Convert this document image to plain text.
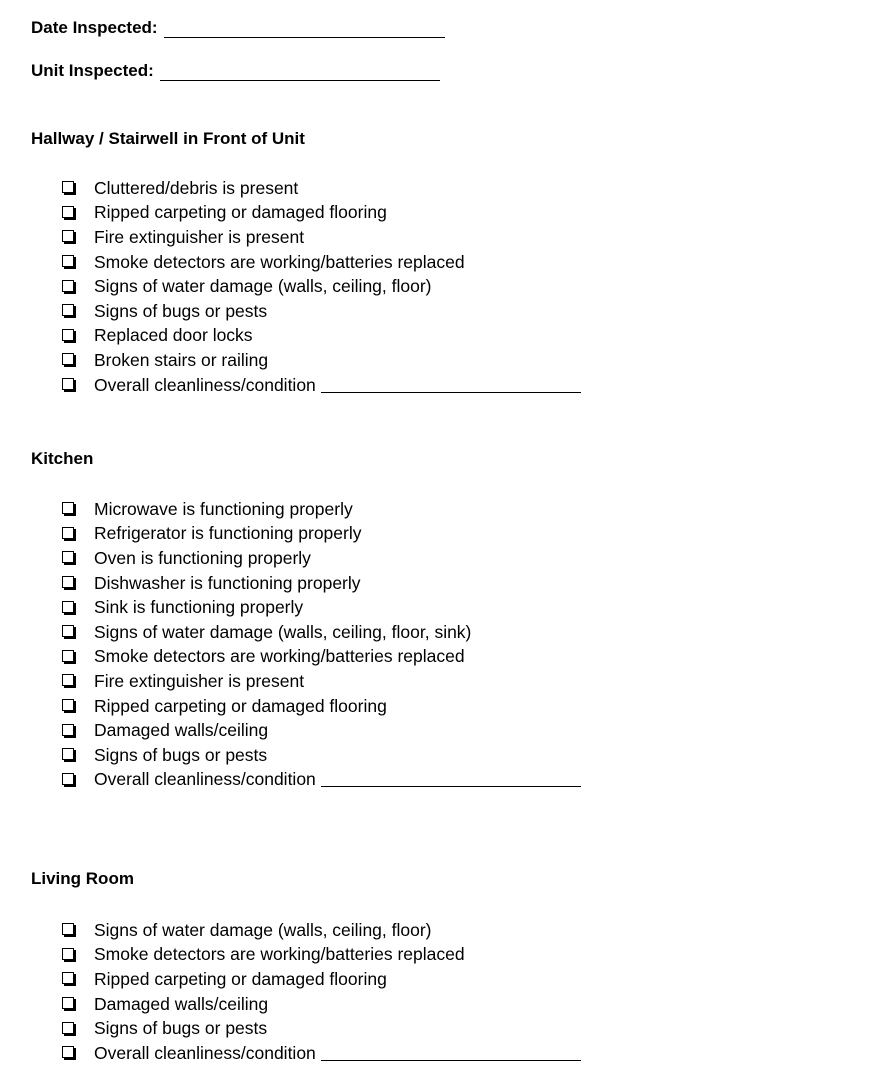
Date Inspected:
Unit Inspected:
Hallway / Stairwell in Front of Unit
Cluttered/debris is present
Ripped carpeting or damaged flooring
Fire extinguisher is present
Smoke detectors are working/batteries replaced
Signs of water damage (walls, ceiling, floor)
Signs of bugs or pests
Replaced door locks
Broken stairs or railing
Overall cleanliness/condition
Kitchen
Microwave is functioning properly
Refrigerator is functioning properly
Oven is functioning properly
Dishwasher is functioning properly
Sink is functioning properly
Signs of water damage (walls, ceiling, floor, sink)
Smoke detectors are working/batteries replaced
Fire extinguisher is present
Ripped carpeting or damaged flooring
Damaged walls/ceiling
Signs of bugs or pests
Overall cleanliness/condition
Living Room
Signs of water damage (walls, ceiling, floor)
Smoke detectors are working/batteries replaced
Ripped carpeting or damaged flooring
Damaged walls/ceiling
Signs of bugs or pests
Overall cleanliness/condition
